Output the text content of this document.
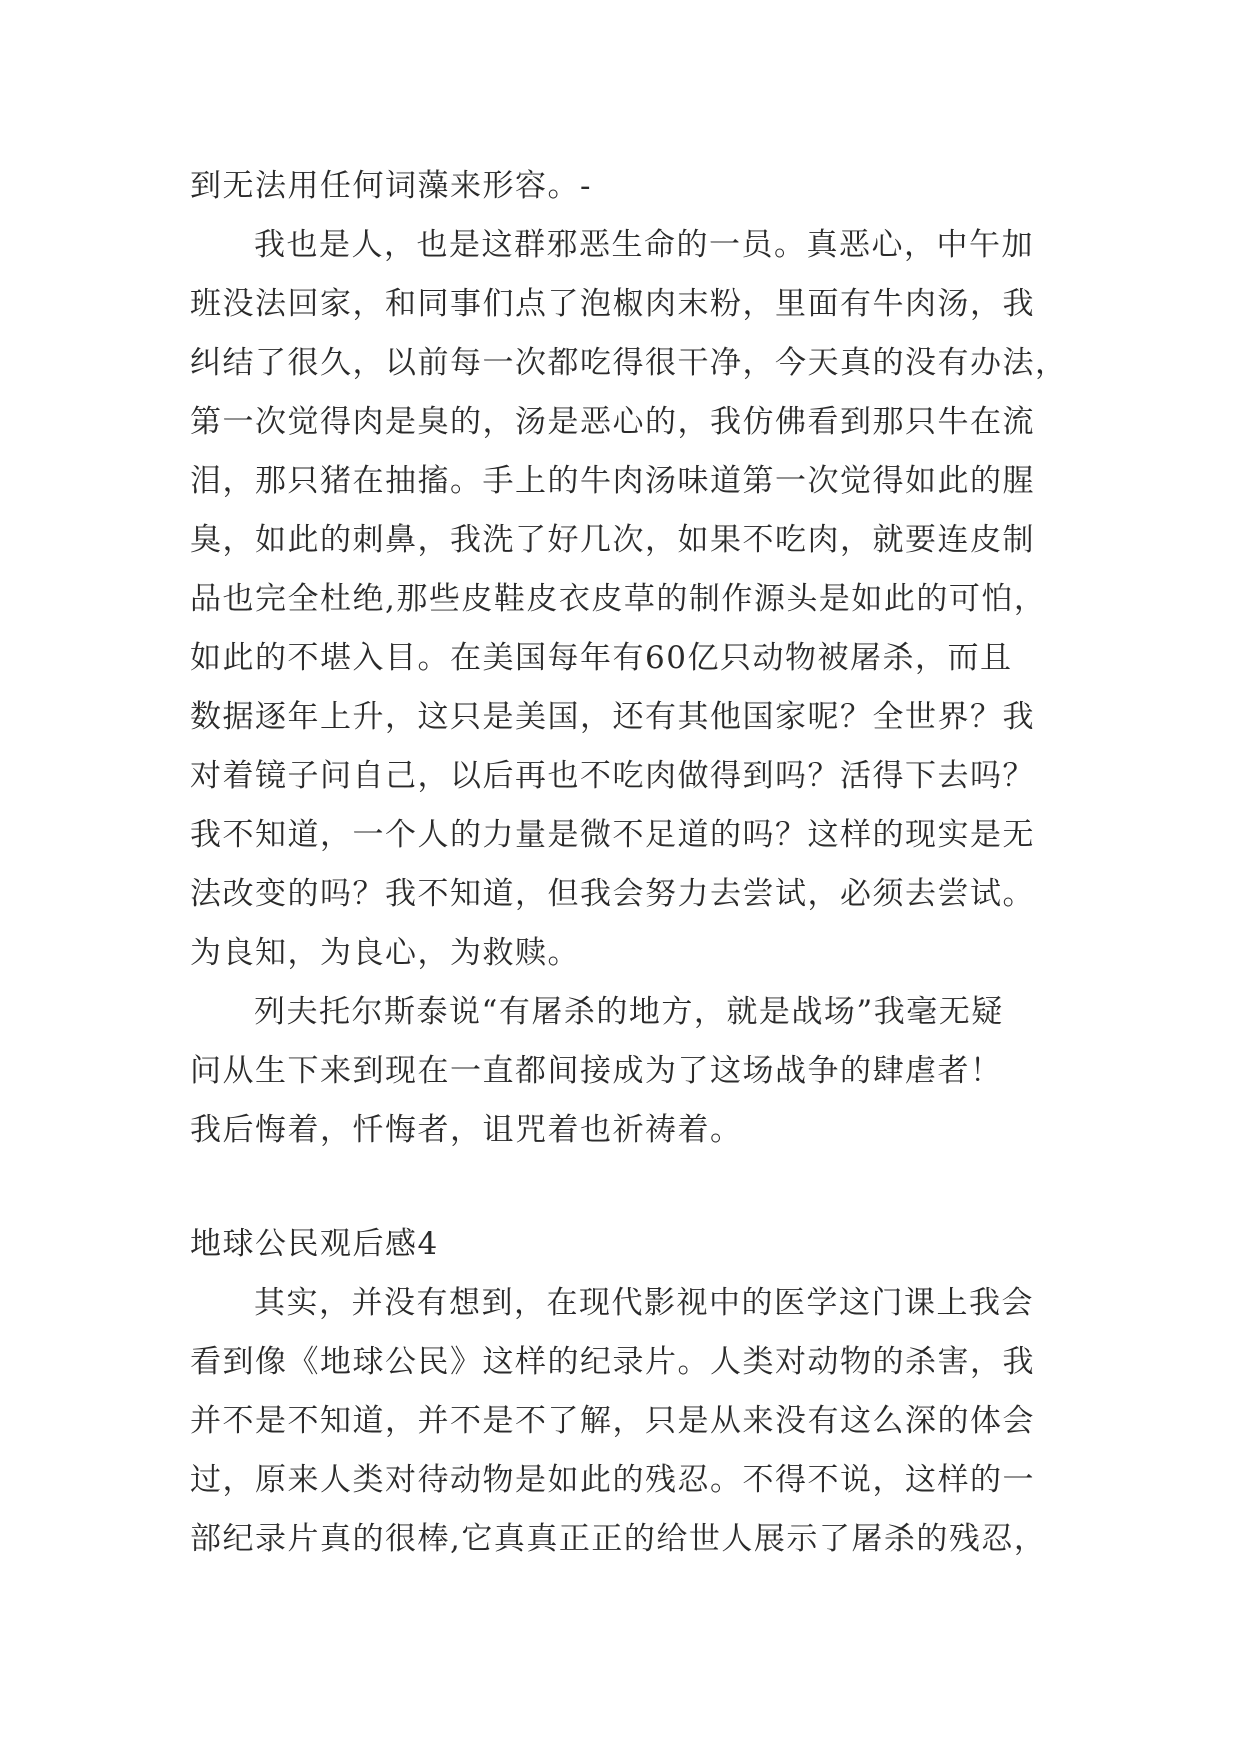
到无法用任何词藻来形容。-
我也是人，也是这群邪恶生命的一员。真恶心，中午加
班没法回家，和同事们点了泡椒肉末粉，里面有牛肉汤，我
纠结了很久，以前每一次都吃得很干净，今天真的没有办法，
第一次觉得肉是臭的，汤是恶心的，我仿佛看到那只牛在流
泪，那只猪在抽搐。手上的牛肉汤味道第一次觉得如此的腥
臭，如此的刺鼻，我洗了好几次，如果不吃肉，就要连皮制
品也完全杜绝,那些皮鞋皮衣皮草的制作源头是如此的可怕，
如此的不堪入目。在美国每年有60亿只动物被屠杀，而且
数据逐年上升，这只是美国，还有其他国家呢？全世界？我
对着镜子问自己，以后再也不吃肉做得到吗？活得下去吗？
我不知道，一个人的力量是微不足道的吗？这样的现实是无
法改变的吗？我不知道，但我会努力去尝试，必须去尝试。
为良知，为良心，为救赎。
列夫托尔斯泰说“有屠杀的地方，就是战场”我毫无疑
问从生下来到现在一直都间接成为了这场战争的肆虐者！
我后悔着，忏悔者，诅咒着也祈祷着。
地球公民观后感4
其实，并没有想到，在现代影视中的医学这门课上我会
看到像《地球公民》这样的纪录片。人类对动物的杀害，我
并不是不知道，并不是不了解，只是从来没有这么深的体会
过，原来人类对待动物是如此的残忍。不得不说，这样的一
部纪录片真的很棒,它真真正正的给世人展示了屠杀的残忍，
